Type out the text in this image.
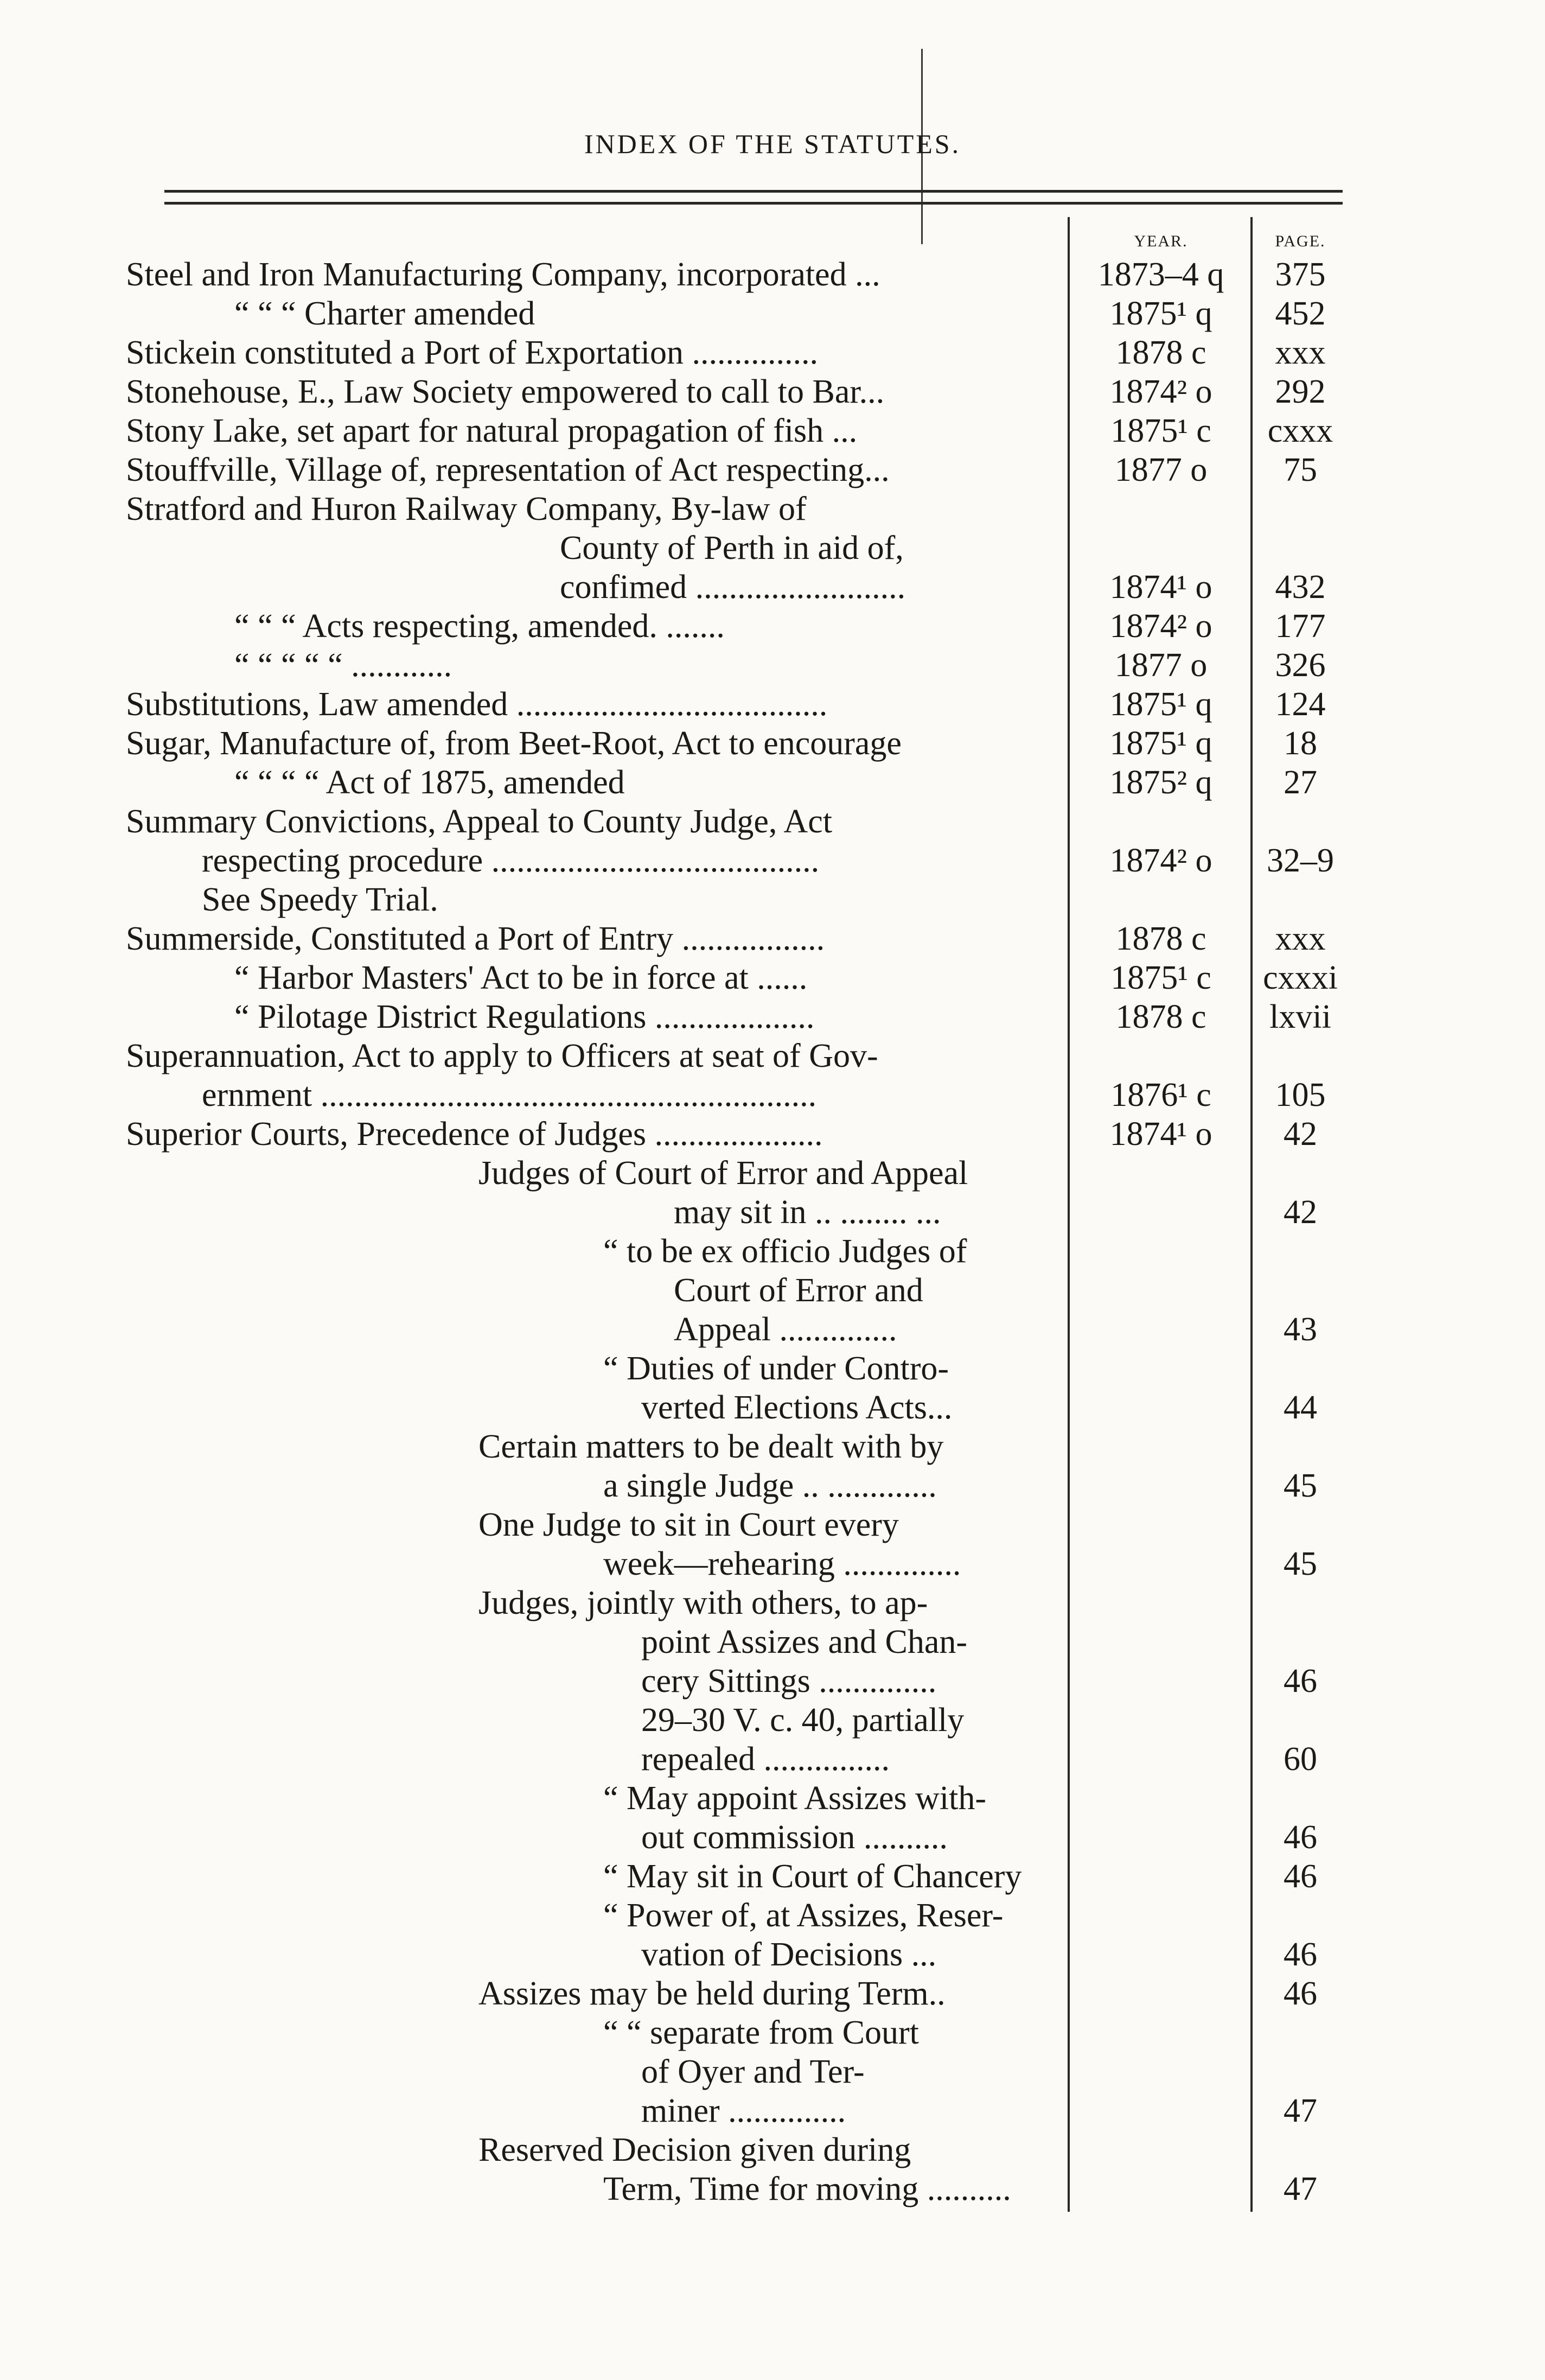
INDEX OF THE STATUTES.
YEAR.	PAGE.
Steel and Iron Manufacturing Company, incorporated ...	1873–4 q	375
“ “ “ Charter amended	1875¹ q	452
Stickein constituted a Port of Exportation ...............	1878 c	xxx
Stonehouse, E., Law Society empowered to call to Bar...	1874² o	292
Stony Lake, set apart for natural propagation of fish ...	1875¹ c	cxxx
Stouffville, Village of, representation of Act respecting...	1877 o	75
Stratford and Huron Railway Company, By-law of
County of Perth in aid of,
confimed .........................	1874¹ o	432
“ “ “ Acts respecting, amended. .......	1874² o	177
“ “ “ “ “ ............	1877 o	326
Substitutions, Law amended .....................................	1875¹ q	124
Sugar, Manufacture of, from Beet-Root, Act to encourage	1875¹ q	18
“ “ “ “ Act of 1875, amended	1875² q	27
Summary Convictions, Appeal to County Judge, Act
respecting procedure .......................................	1874² o	32–9
See Speedy Trial.
Summerside, Constituted a Port of Entry .................	1878 c	xxx
“ Harbor Masters' Act to be in force at ......	1875¹ c	cxxxi
“ Pilotage District Regulations ...................	1878 c	lxvii
Superannuation, Act to apply to Officers at seat of Gov-
ernment ...........................................................	1876¹ c	105
Superior Courts, Precedence of Judges ....................	1874¹ o	42
Judges of Court of Error and Appeal
may sit in .. ........ ...	42
“ to be ex officio Judges of
Court of Error and
Appeal ..............	43
“ Duties of under Contro-
verted Elections Acts...	44
Certain matters to be dealt with by
a single Judge .. .............	45
One Judge to sit in Court every
week—rehearing ..............	45
Judges, jointly with others, to ap-
point Assizes and Chan-
cery Sittings ..............	46
29–30 V. c. 40, partially
repealed ...............	60
“ May appoint Assizes with-
out commission ..........	46
“ May sit in Court of Chancery	46
“ Power of, at Assizes, Reser-
vation of Decisions ...	46
Assizes may be held during Term..	46
“ “ separate from Court
of Oyer and Ter-
miner ..............	47
Reserved Decision given during
Term, Time for moving ..........	47
